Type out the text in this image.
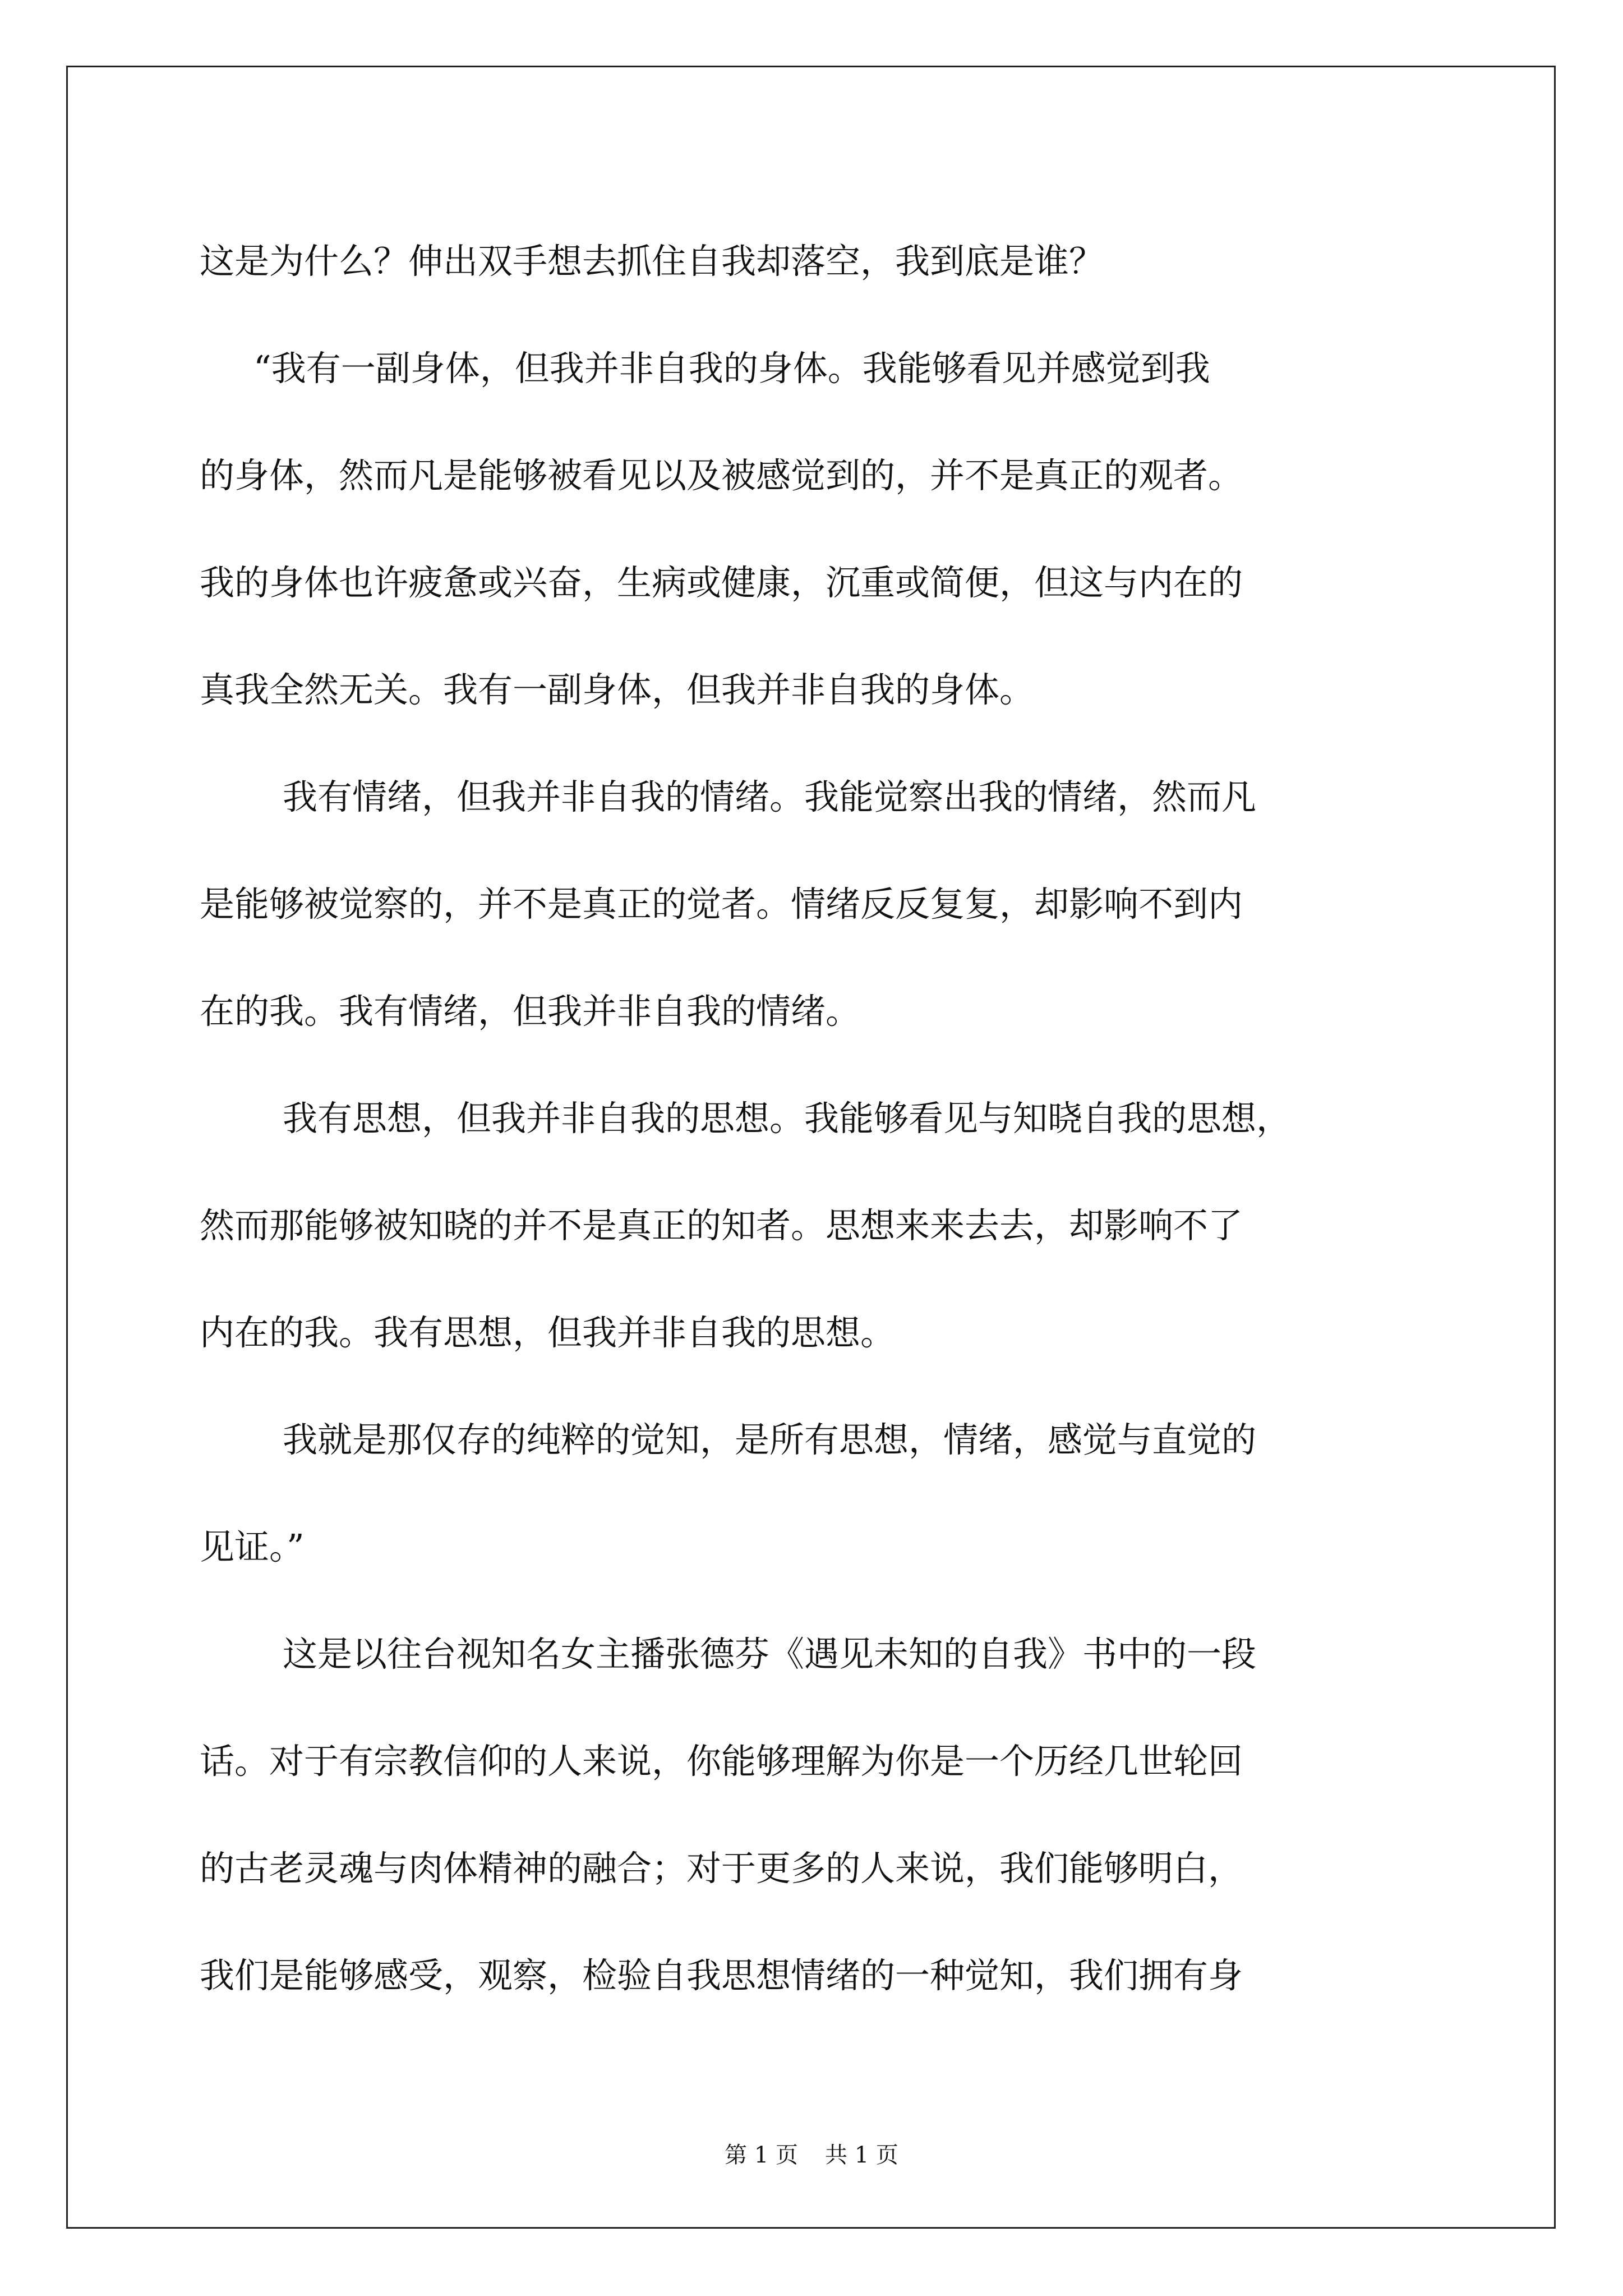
这是为什么？伸出双手想去抓住自我却落空，我到底是谁？
“我有一副身体，但我并非自我的身体。我能够看见并感觉到我
的身体，然而凡是能够被看见以及被感觉到的，并不是真正的观者。
我的身体也许疲惫或兴奋，生病或健康，沉重或简便，但这与内在的
真我全然无关。我有一副身体，但我并非自我的身体。
我有情绪，但我并非自我的情绪。我能觉察出我的情绪，然而凡
是能够被觉察的，并不是真正的觉者。情绪反反复复，却影响不到内
在的我。我有情绪，但我并非自我的情绪。
我有思想，但我并非自我的思想。我能够看见与知晓自我的思想，
然而那能够被知晓的并不是真正的知者。思想来来去去，却影响不了
内在的我。我有思想，但我并非自我的思想。
我就是那仅存的纯粹的觉知，是所有思想，情绪，感觉与直觉的
见证。”
这是以往台视知名女主播张德芬《遇见未知的自我》书中的一段
话。对于有宗教信仰的人来说，你能够理解为你是一个历经几世轮回
的古老灵魂与肉体精神的融合；对于更多的人来说，我们能够明白，
我们是能够感受，观察，检验自我思想情绪的一种觉知，我们拥有身
第 1 页 共 1 页
